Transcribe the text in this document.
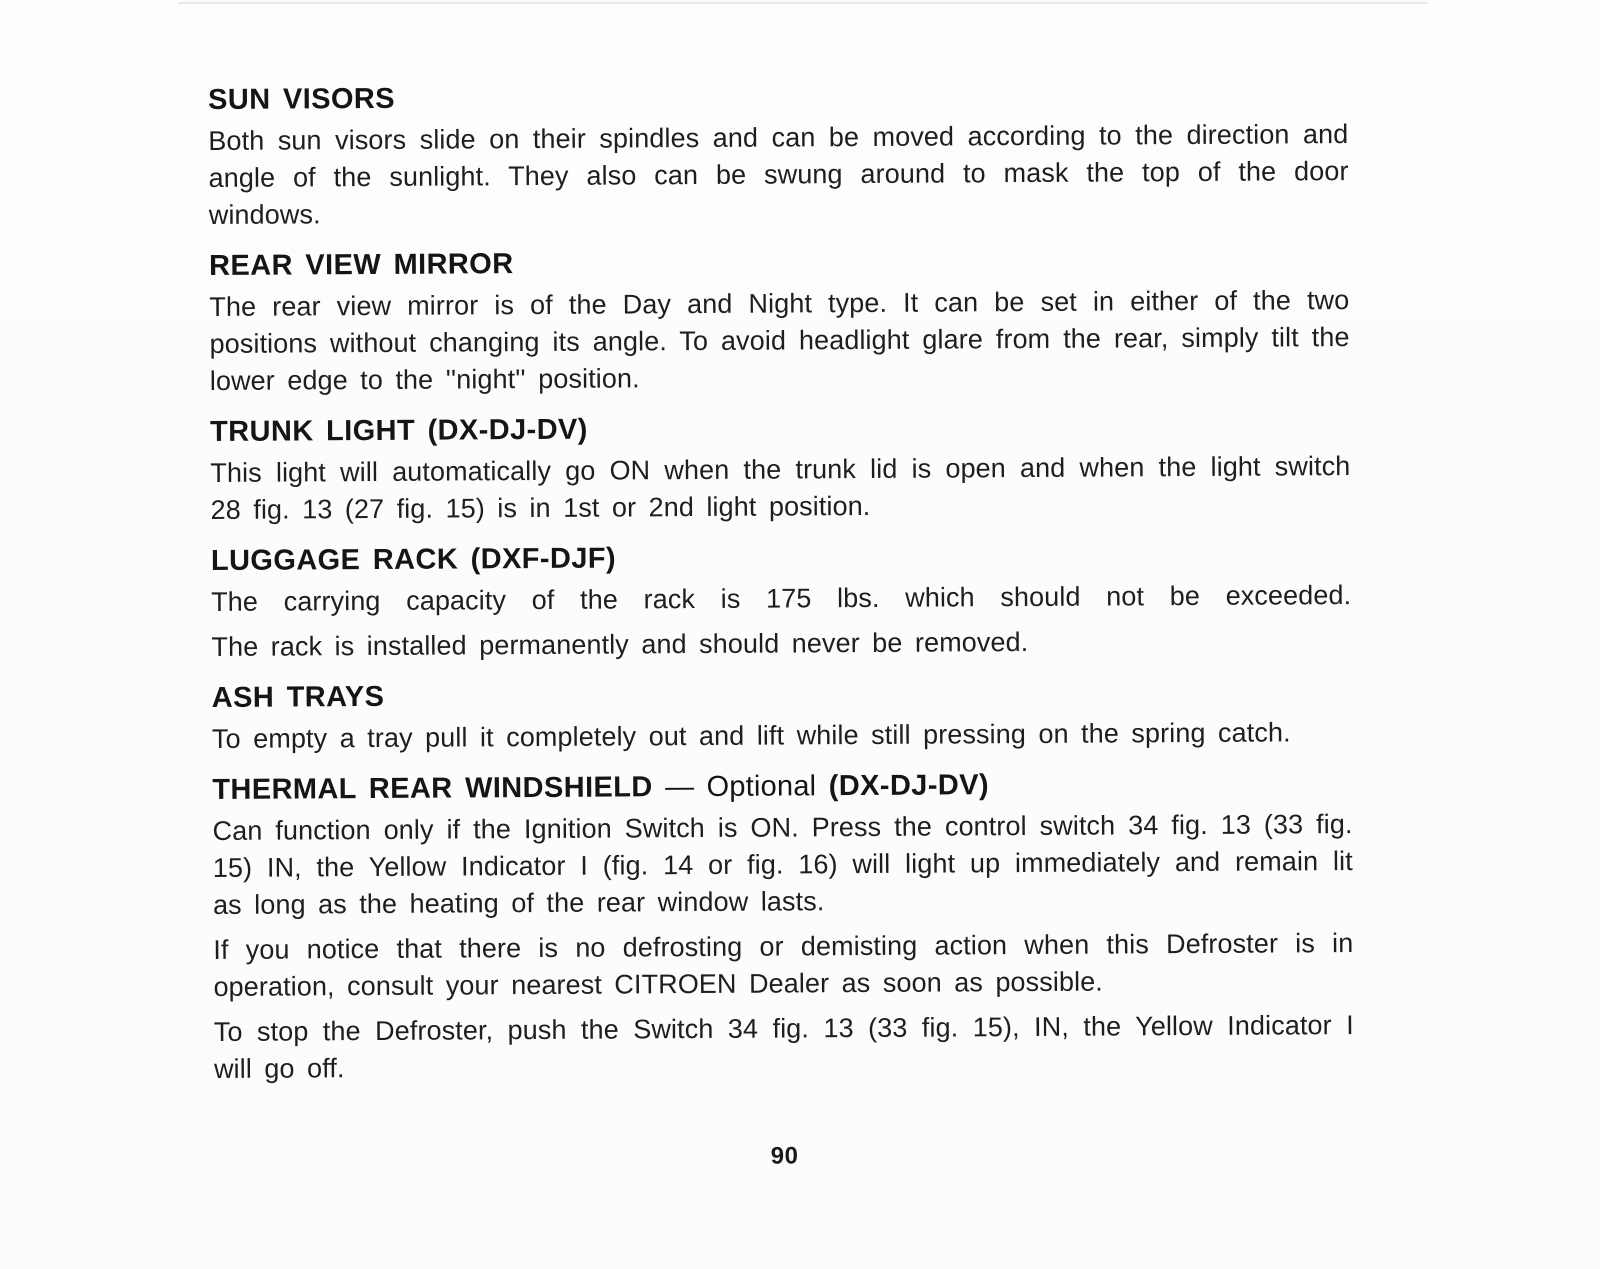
SUN VISORS

Both sun visors slide on their spindles and can be moved according to the direction and angle of the sunlight. They also can be swung around to mask the top of the door windows.

REAR VIEW MIRROR

The rear view mirror is of the Day and Night type. It can be set in either of the two positions without changing its angle. To avoid headlight glare from the rear, simply tilt the lower edge to the ''night'' position.

TRUNK LIGHT (DX-DJ-DV)

This light will automatically go ON when the trunk lid is open and when the light switch 28 fig. 13 (27 fig. 15) is in 1st or 2nd light position.

LUGGAGE RACK (DXF-DJF)

The carrying capacity of the rack is 175 lbs. which should not be exceeded.

The rack is installed permanently and should never be removed.

ASH TRAYS

To empty a tray pull it completely out and lift while still pressing on the spring catch.

THERMAL REAR WINDSHIELD — Optional (DX-DJ-DV)

Can function only if the Ignition Switch is ON. Press the control switch 34 fig. 13 (33 fig. 15) IN, the Yellow Indicator I (fig. 14 or fig. 16) will light up immediately and remain lit as long as the heating of the rear window lasts.

If you notice that there is no defrosting or demisting action when this Defroster is in operation, consult your nearest CITROEN Dealer as soon as possible.

To stop the Defroster, push the Switch 34 fig. 13 (33 fig. 15), IN, the Yellow Indicator I will go off.

90
